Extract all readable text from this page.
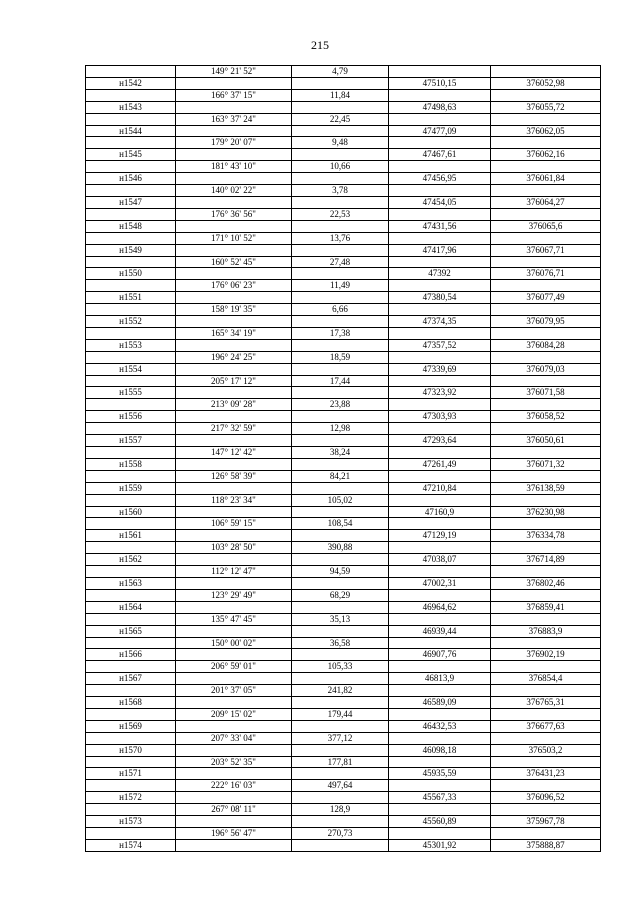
215
	149° 21' 52"	4,79		
н1542			47510,15	376052,98
	166° 37' 15"	11,84		
н1543			47498,63	376055,72
	163° 37' 24"	22,45		
н1544			47477,09	376062,05
	179° 20' 07"	9,48		
н1545			47467,61	376062,16
	181° 43' 10"	10,66		
н1546			47456,95	376061,84
	140° 02' 22"	3,78		
н1547			47454,05	376064,27
	176° 36' 56"	22,53		
н1548			47431,56	376065,6
	171° 10' 52"	13,76		
н1549			47417,96	376067,71
	160° 52' 45"	27,48		
н1550			47392	376076,71
	176° 06' 23"	11,49		
н1551			47380,54	376077,49
	158° 19' 35"	6,66		
н1552			47374,35	376079,95
	165° 34' 19"	17,38		
н1553			47357,52	376084,28
	196° 24' 25"	18,59		
н1554			47339,69	376079,03
	205° 17' 12"	17,44		
н1555			47323,92	376071,58
	213° 09' 28"	23,88		
н1556			47303,93	376058,52
	217° 32' 59"	12,98		
н1557			47293,64	376050,61
	147° 12' 42"	38,24		
н1558			47261,49	376071,32
	126° 58' 39"	84,21		
н1559			47210,84	376138,59
	118° 23' 34"	105,02		
н1560			47160,9	376230,98
	106° 59' 15"	108,54		
н1561			47129,19	376334,78
	103° 28' 50"	390,88		
н1562			47038,07	376714,89
	112° 12' 47"	94,59		
н1563			47002,31	376802,46
	123° 29' 49"	68,29		
н1564			46964,62	376859,41
	135° 47' 45"	35,13		
н1565			46939,44	376883,9
	150° 00' 02"	36,58		
н1566			46907,76	376902,19
	206° 59' 01"	105,33		
н1567			46813,9	376854,4
	201° 37' 05"	241,82		
н1568			46589,09	376765,31
	209° 15' 02"	179,44		
н1569			46432,53	376677,63
	207° 33' 04"	377,12		
н1570			46098,18	376503,2
	203° 52' 35"	177,81		
н1571			45935,59	376431,23
	222° 16' 03"	497,64		
н1572			45567,33	376096,52
	267° 08' 11"	128,9		
н1573			45560,89	375967,78
	196° 56' 47"	270,73		
н1574			45301,92	375888,87
